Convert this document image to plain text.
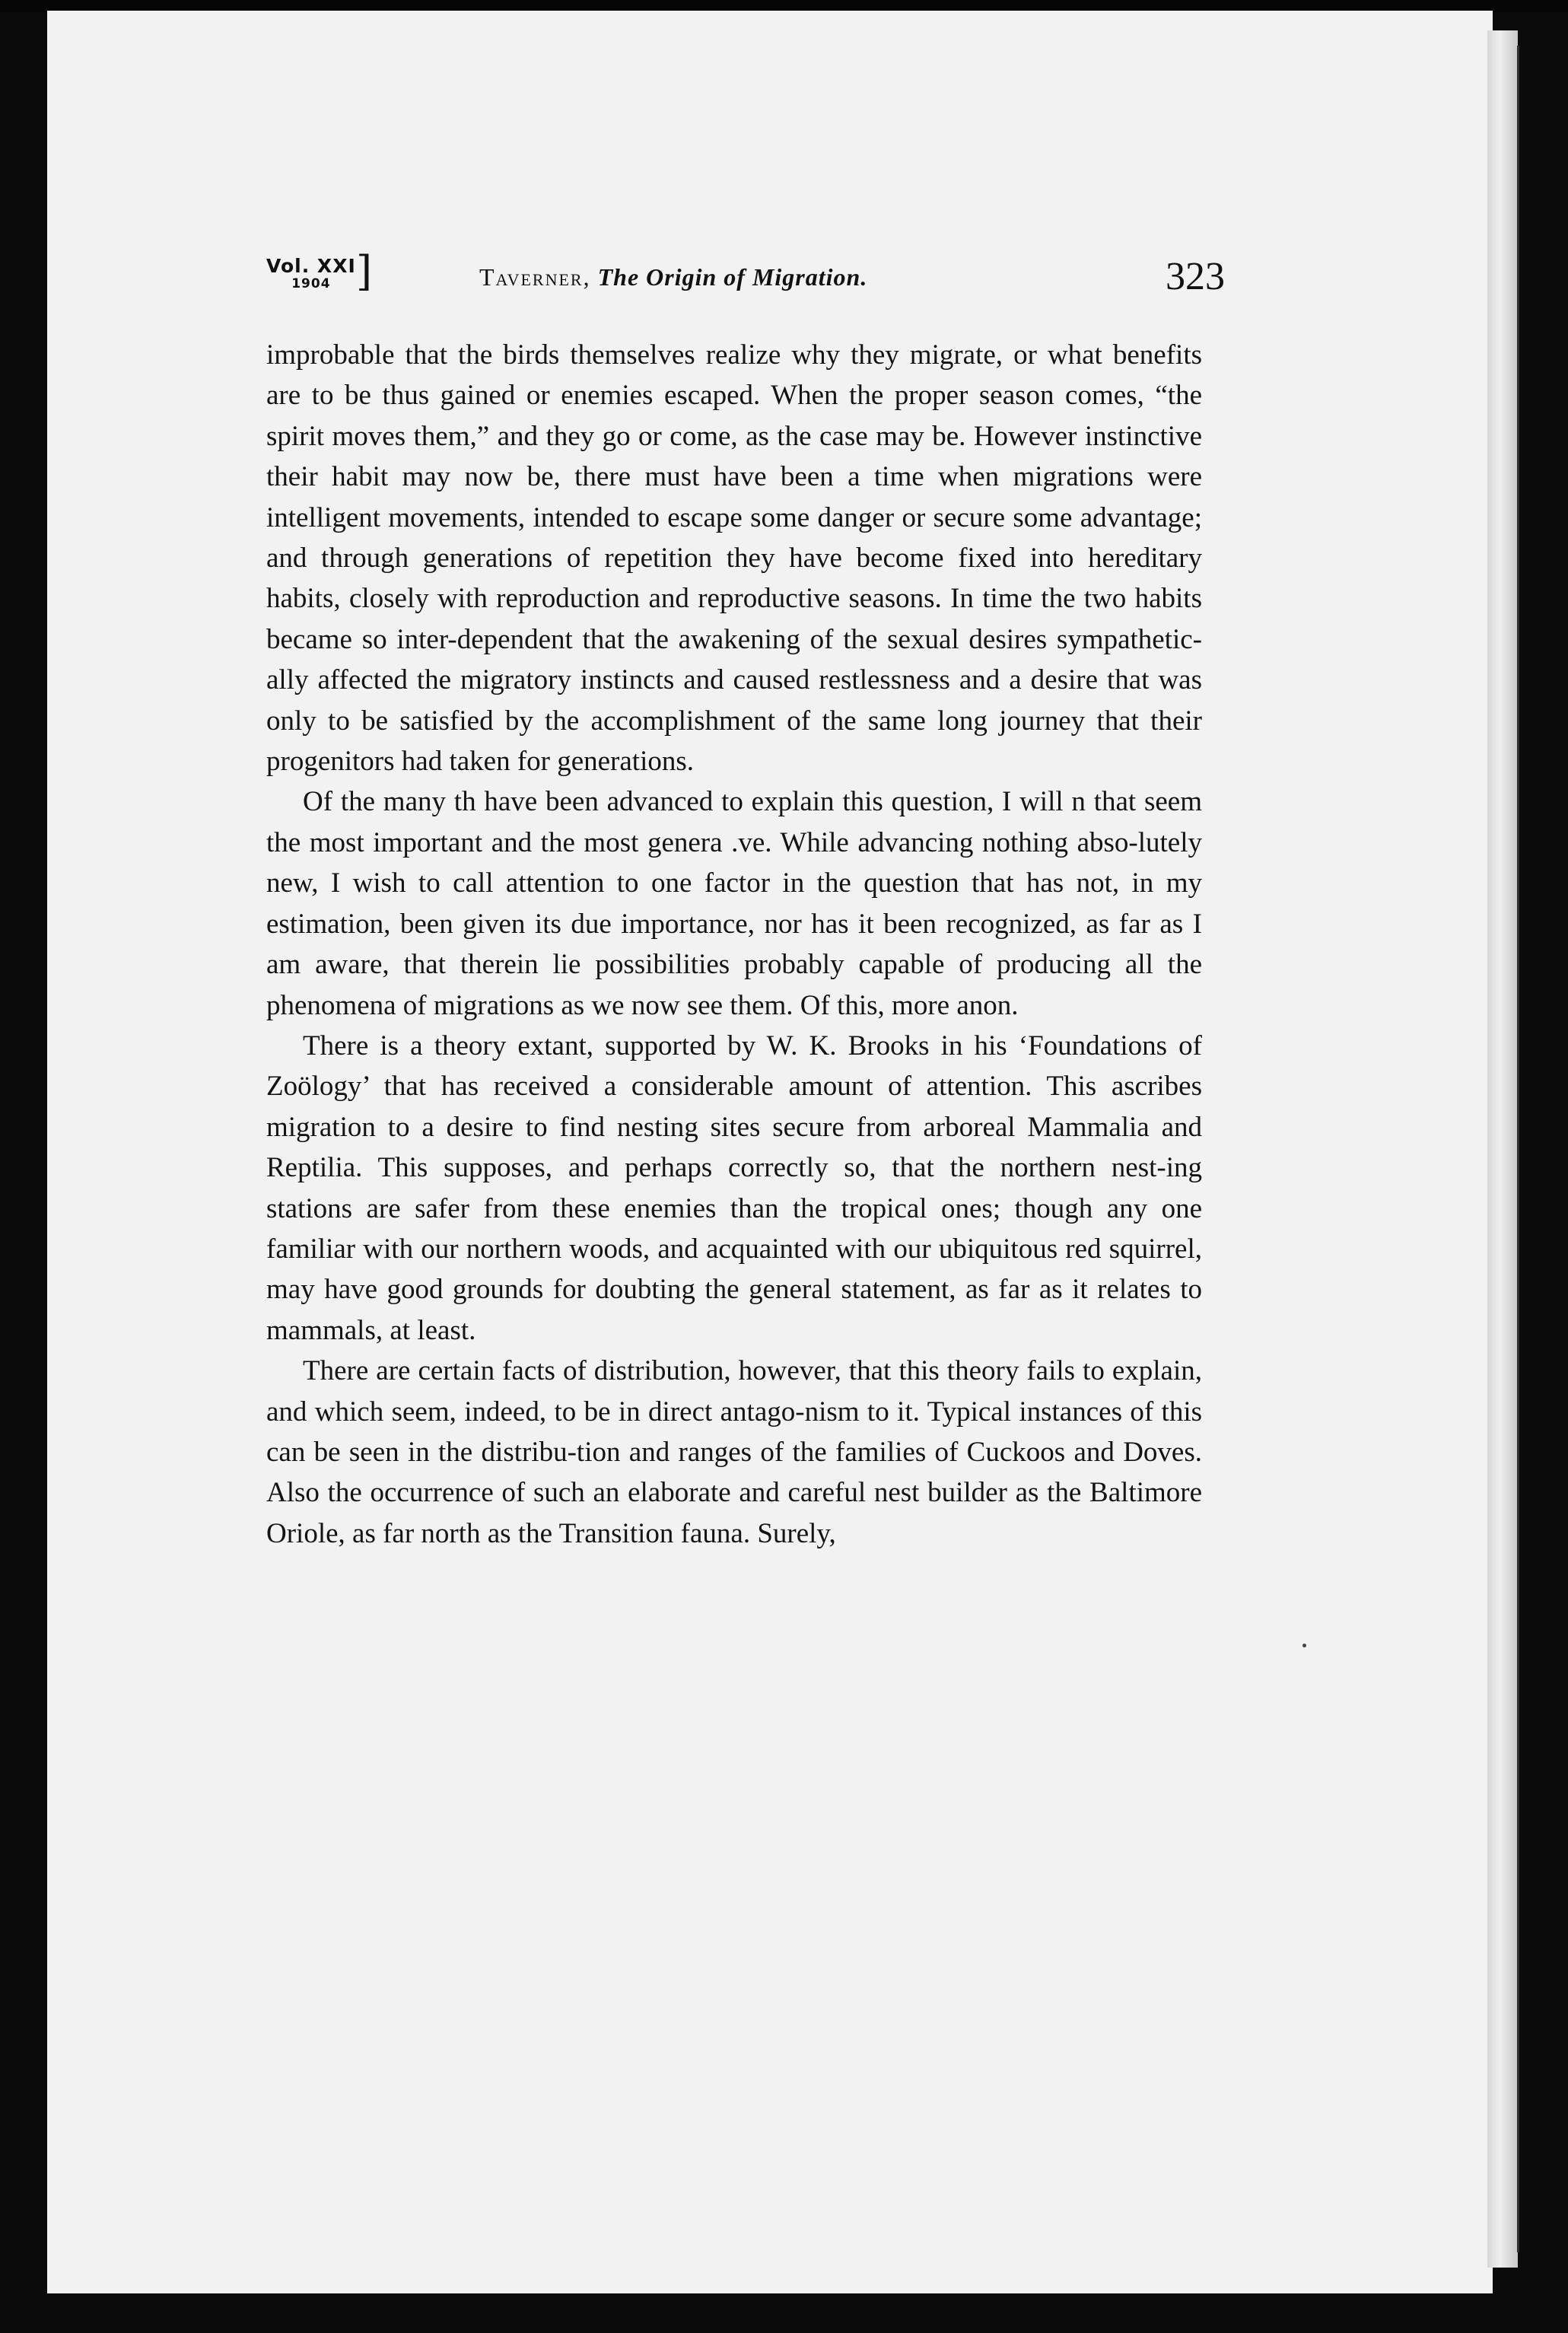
Vol. XXI
1904 ]	Taverner, The Origin of Migration.	323

improbable that the birds themselves realize why they migrate, or what benefits are to be thus gained or enemies escaped. When the proper season comes, “the spirit moves them,” and they go or come, as the case may be. However instinctive their habit may now be, there must have been a time when migrations were intelligent movements, intended to escape some danger or secure some advantage; and through generations of repetition they have become fixed into hereditary habits, closely with reproduction and reproductive seasons. In time the two habits became so inter-dependent that the awakening of the sexual desires sympathetic-ally affected the migratory instincts and caused restlessness and a desire that was only to be satisfied by the accomplishment of the same long journey that their progenitors had taken for generations.

Of the many th have been advanced to explain this question, I will n that seem the most important and the most genera .ve. While advancing nothing abso-lutely new, I wish to call attention to one factor in the question that has not, in my estimation, been given its due importance, nor has it been recognized, as far as I am aware, that therein lie possibilities probably capable of producing all the phenomena of migrations as we now see them. Of this, more anon.

There is a theory extant, supported by W. K. Brooks in his ‘Foundations of Zoölogy’ that has received a considerable amount of attention. This ascribes migration to a desire to find nesting sites secure from arboreal Mammalia and Reptilia. This supposes, and perhaps correctly so, that the northern nest-ing stations are safer from these enemies than the tropical ones; though any one familiar with our northern woods, and acquainted with our ubiquitous red squirrel, may have good grounds for doubting the general statement, as far as it relates to mammals, at least.

There are certain facts of distribution, however, that this theory fails to explain, and which seem, indeed, to be in direct antago-nism to it. Typical instances of this can be seen in the distribu-tion and ranges of the families of Cuckoos and Doves. Also the occurrence of such an elaborate and careful nest builder as the Baltimore Oriole, as far north as the Transition fauna. Surely,
